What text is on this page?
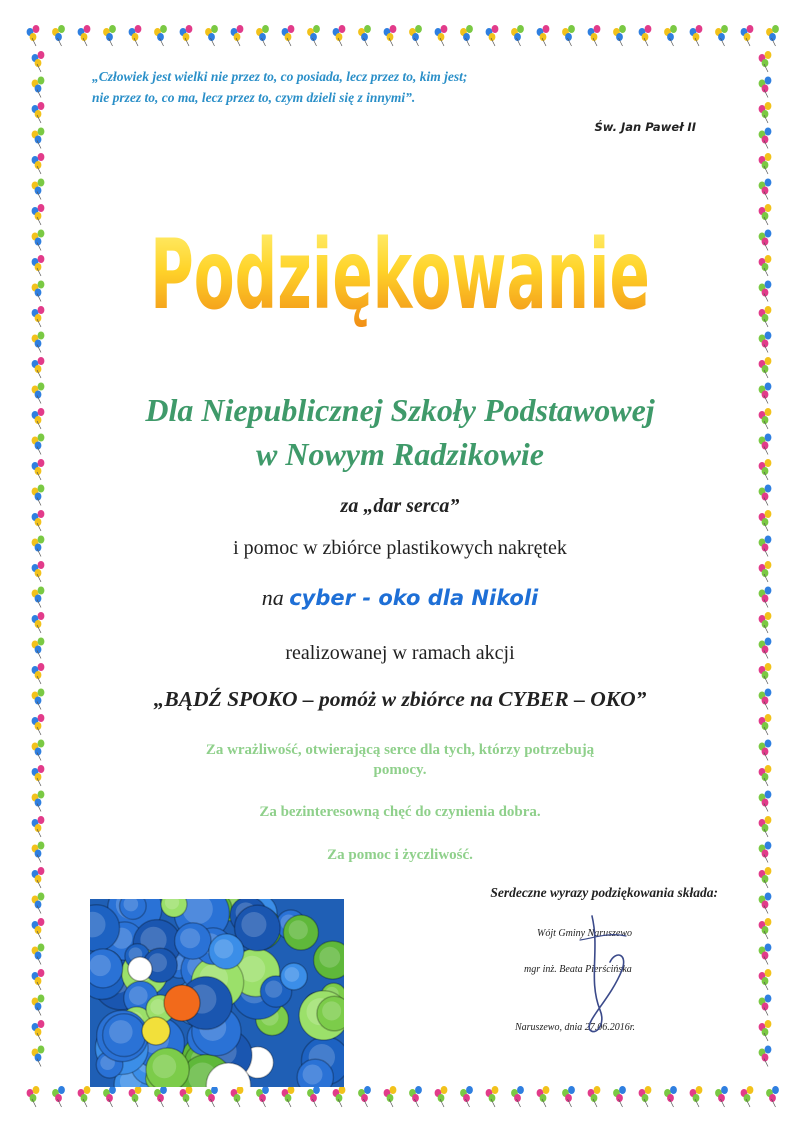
„Człowiek jest wielki nie przez to, co posiada, lecz przez to, kim jest;
nie przez to, co ma, lecz przez to, czym dzieli się z innymi”.

Św. Jan Paweł II

Podziękowanie

Dla Niepublicznej Szkoły Podstawowej

w Nowym Radzikowie

za „dar serca”

i pomoc w zbiórce plastikowych nakrętek

na cyber - oko dla Nikoli

realizowanej w ramach akcji

„BĄDŹ SPOKO – pomóż w zbiórce na CYBER – OKO”

Za wrażliwość, otwierającą serce dla tych, którzy potrzebują

pomocy.

Za bezinteresowną chęć do czynienia dobra.

Za pomoc i życzliwość.

Serdeczne wyrazy podziękowania składa:

Wójt Gminy Naruszewo

mgr inż. Beata Pierścińska

Naruszewo, dnia 27.06.2016r.
